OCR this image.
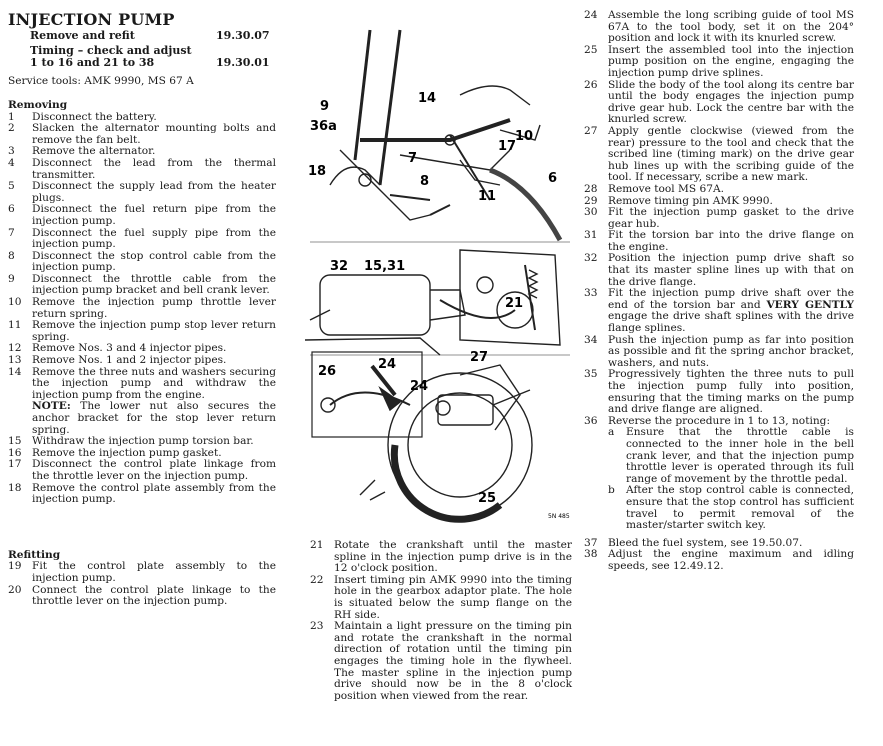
INJECTION PUMP
Remove and refit	19.30.07
Timing – check and adjust
1 to 16 and 21 to 38	19.30.01
Service tools: AMK 9990, MS 67 A
Removing
1	Disconnect the battery.
2	Slacken the alternator mounting bolts and remove the fan belt.
3	Remove the alternator.
4	Disconnect the lead from the thermal transmitter.
5	Disconnect the supply lead from the heater plugs.
6	Disconnect the fuel return pipe from the injection pump.
7	Disconnect the fuel supply pipe from the injection pump.
8	Disconnect the stop control cable from the injection pump.
9	Disconnect the throttle cable from the injection pump bracket and bell crank lever.
10 Remove the injection pump throttle lever return spring.
11 Remove the injection pump stop lever return spring.
12 Remove Nos. 3 and 4 injector pipes.
13 Remove Nos. 1 and 2 injector pipes.
14 Remove the three nuts and washers securing the injection pump and withdraw the injection pump from the engine.
NOTE: The lower nut also secures the anchor bracket for the stop lever return spring.
15 Withdraw the injection pump torsion bar.
16 Remove the injection pump gasket.
17 Disconnect the control plate linkage from the throttle lever on the injection pump.
18 Remove the control plate assembly from the injection pump.
Refitting
19 Fit the control plate assembly to the injection pump.
20 Connect the control plate linkage to the throttle lever on the injection pump.
9
14
36a
10
17
7
18	6
8
11
32 15,31
21
24	27
26
24
25
5N 485
21 Rotate the crankshaft until the master spline in the injection pump drive is in the 12 o'clock position.
22 Insert timing pin AMK 9990 into the timing hole in the gearbox adaptor plate. The hole is situated below the sump flange on the RH side.
23 Maintain a light pressure on the timing pin and rotate the crankshaft in the normal direction of rotation until the timing pin engages the timing hole in the flywheel. The master spline in the injection pump drive should now be in the 8 o'clock position when viewed from the rear.
24 Assemble the long scribing guide of tool MS 67A to the tool body, set it on the 204° position and lock it with its knurled screw.
25 Insert the assembled tool into the injection pump position on the engine, engaging the injection pump drive splines.
26 Slide the body of the tool along its centre bar until the body engages the injection pump drive gear hub. Lock the centre bar with the knurled screw.
27 Apply gentle clockwise (viewed from the rear) pressure to the tool and check that the scribed line (timing mark) on the drive gear hub lines up with the scribing guide of the tool. If necessary, scribe a new mark.
28 Remove tool MS 67A.
29 Remove timing pin AMK 9990.
30 Fit the injection pump gasket to the drive gear hub.
31 Fit the torsion bar into the drive flange on the engine.
32 Position the injection pump drive shaft so that its master spline lines up with that on the drive flange.
33 Fit the injection pump drive shaft over the end of the torsion bar and VERY GENTLY engage the drive shaft splines with the drive flange splines.
34 Push the injection pump as far into position as possible and fit the spring anchor bracket, washers, and nuts.
35 Progressively tighten the three nuts to pull the injection pump fully into position, ensuring that the timing marks on the pump and drive flange are aligned.
36 Reverse the procedure in 1 to 13, noting:
a	Ensure that the throttle cable is connected to the inner hole in the bell crank lever, and that the injection pump throttle lever is operated through its full range of movement by the throttle pedal.
b	After the stop control cable is connected, ensure that the stop control has sufficient travel to permit removal of the master/starter switch key.
37 Bleed the fuel system, see 19.50.07.
38 Adjust the engine maximum and idling speeds, see 12.49.12.
